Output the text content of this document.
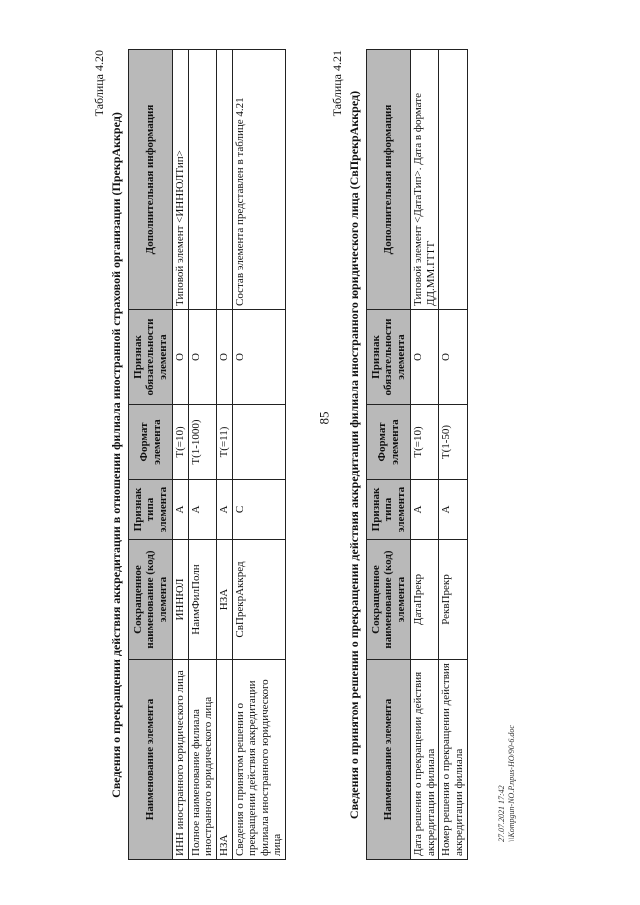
85
Таблица 4.20
Сведения о прекращении действия аккредитации в отношении филиала иностранной страховой организации (ПрекрАккред) Наименование элемента	Сокращенное наименование (код) элемента	Признак типа элемента	Формат элемента	Признак обязательности элемента	Дополнительная информация
ИНН иностранного юридического лица	ИННЮЛ	А	T(=10)	О	Типовой элемент <ИННЮЛТип>
Полное наименование филиала иностранного юридического лица	НаимФилПолн	А	T(1-1000)	О	
НЗА	НЗА	А	T(=11)	О	
Сведения о принятом решении о прекращении действия аккредитации филиала иностранного юридического лица	СвПрекрАккред	С		О	Состав элемента представлен в таблице 4.21
Таблица 4.21
Сведения о принятом решении о прекращении действия аккредитации филиала иностранного юридического лица (СвПрекрАккред) Наименование элемента	Сокращенное наименование (код) элемента	Признак типа элемента	Формат элемента	Признак обязательности элемента	Дополнительная информация
Дата решения о прекращении действия аккредитации филиала	ДатаПрекр	А	T(=10)	О	Типовой элемент <ДатаТип>. Дата в формате ДД.ММ.ГГГГ
Номер решения о прекращении действия аккредитации филиала	РеквПрекр	А	T(1-50)	О	
27.07.2021 17:42 \\Kompgun-NO.P.npus-HO/90-6.doc
